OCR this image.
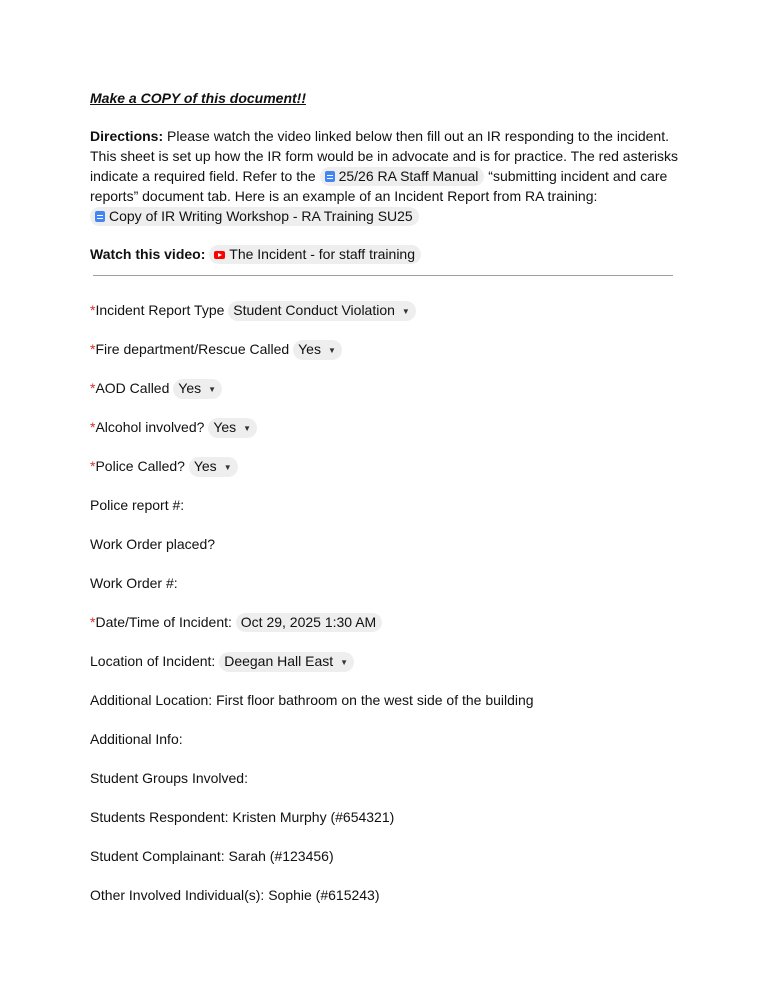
Make a COPY of this document!!
Directions: Please watch the video linked below then fill out an IR responding to the incident. This sheet is set up how the IR form would be in advocate and is for practice. The red asterisks indicate a required field. Refer to the 25/26 RA Staff Manual “submitting incident and care reports” document tab. Here is an example of an Incident Report from RA training:
Copy of IR Writing Workshop - RA Training SU25
Watch this video: The Incident - for staff training
*Incident Report Type Student Conduct Violation ▼
*Fire department/Rescue Called Yes ▼
*AOD Called Yes ▼
*Alcohol involved? Yes ▼
*Police Called? Yes ▼
Police report #:
Work Order placed?
Work Order #:
*Date/Time of Incident: Oct 29, 2025 1:30 AM
Location of Incident: Deegan Hall East ▼
Additional Location: First floor bathroom on the west side of the building
Additional Info:
Student Groups Involved:
Students Respondent: Kristen Murphy (#654321)
Student Complainant: Sarah (#123456)
Other Involved Individual(s): Sophie (#615243)
